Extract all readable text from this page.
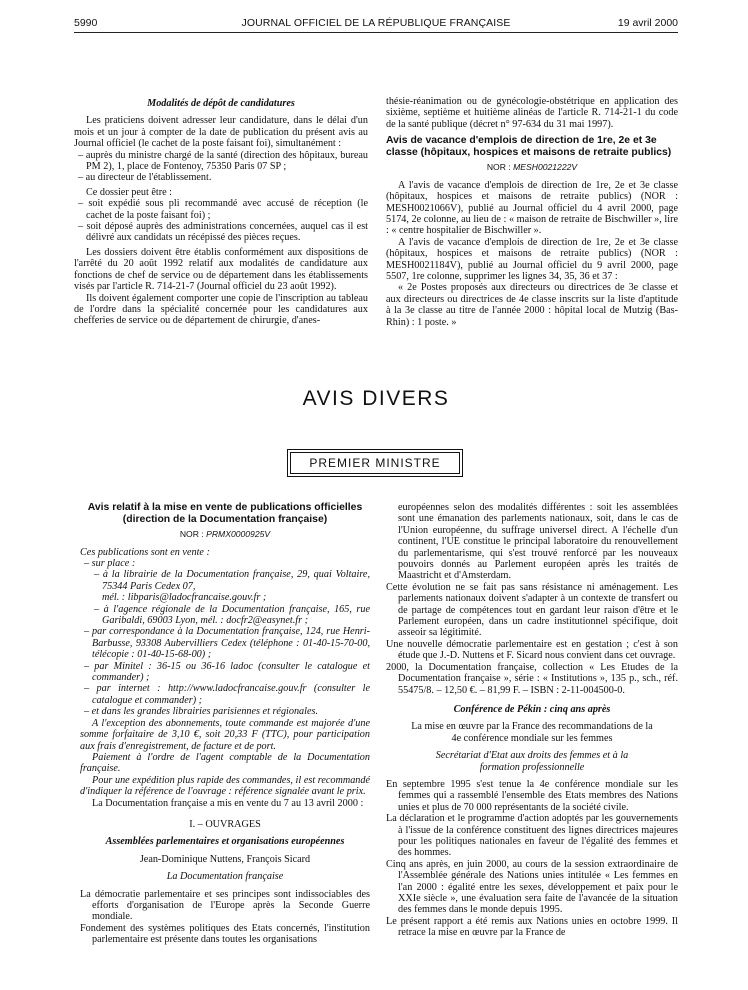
5990	JOURNAL OFFICIEL DE LA RÉPUBLIQUE FRANÇAISE	19 avril 2000

Modalités de dépôt de candidatures

Les praticiens doivent adresser leur candidature, dans le délai d'un mois et un jour à compter de la date de publication du présent avis au Journal officiel (le cachet de la poste faisant foi), simultanément :

– auprès du ministre chargé de la santé (direction des hôpitaux, bureau PM 2), 1, place de Fontenoy, 75350 Paris 07 SP ;

– au directeur de l'établissement.

Ce dossier peut être :

– soit expédié sous pli recommandé avec accusé de réception (le cachet de la poste faisant foi) ;

– soit déposé auprès des administrations concernées, auquel cas il est délivré aux candidats un récépissé des pièces reçues.

Les dossiers doivent être établis conformément aux dispositions de l'arrêté du 20 août 1992 relatif aux modalités de candidature aux fonctions de chef de service ou de département dans les établissements visés par l'article R. 714-21-7 (Journal officiel du 23 août 1992).

Ils doivent également comporter une copie de l'inscription au tableau de l'ordre dans la spécialité concernée pour les candidatures aux chefferies de service ou de département de chirurgie, d'anes-

thésie-réanimation ou de gynécologie-obstétrique en application des sixième, septième et huitième alinéas de l'article R. 714-21-1 du code de la santé publique (décret n° 97-634 du 31 mai 1997).

Avis de vacance d'emplois de direction de 1re, 2e et 3e classe (hôpitaux, hospices et maisons de retraite publics)

NOR : MESH0021222V

A l'avis de vacance d'emplois de direction de 1re, 2e et 3e classe (hôpitaux, hospices et maisons de retraite publics) (NOR : MESH0021066V), publié au Journal officiel du 4 avril 2000, page 5174, 2e colonne, au lieu de : « maison de retraite de Bischwiller », lire : « centre hospitalier de Bischwiller ».

A l'avis de vacance d'emplois de direction de 1re, 2e et 3e classe (hôpitaux, hospices et maisons de retraite publics) (NOR : MESH0021184V), publié au Journal officiel du 9 avril 2000, page 5507, 1re colonne, supprimer les lignes 34, 35, 36 et 37 :

« 2e Postes proposés aux directeurs ou directrices de 3e classe et aux directeurs ou directrices de 4e classe inscrits sur la liste d'aptitude à la 3e classe au titre de l'année 2000 : hôpital local de Mutzig (Bas-Rhin) : 1 poste. »

AVIS DIVERS
PREMIER MINISTRE

Avis relatif à la mise en vente de publications officielles (direction de la Documentation française)

NOR : PRMX0000925V

Ces publications sont en vente :

– sur place :

– à la librairie de la Documentation française, 29, quai Voltaire, 75344 Paris Cedex 07,

mél. : libparis@ladocfrancaise.gouv.fr ;

– à l'agence régionale de la Documentation française, 165, rue Garibaldi, 69003 Lyon, mél. : docfr2@easynet.fr ;

– par correspondance à la Documentation française, 124, rue Henri-Barbusse, 93308 Aubervilliers Cedex (téléphone : 01-40-15-70-00, télécopie : 01-40-15-68-00) ;

– par Minitel : 36-15 ou 36-16 ladoc (consulter le catalogue et commander) ;

– par internet : http://www.ladocfrancaise.gouv.fr (consulter le catalogue et commander) ;

– et dans les grandes librairies parisiennes et régionales.

A l'exception des abonnements, toute commande est majorée d'une somme forfaitaire de 3,10 €, soit 20,33 F (TTC), pour participation aux frais d'enregistrement, de facture et de port.

Paiement à l'ordre de l'agent comptable de la Documentation française.

Pour une expédition plus rapide des commandes, il est recommandé d'indiquer la référence de l'ouvrage : référence signalée avant le prix.

La Documentation française a mis en vente du 7 au 13 avril 2000 :

I. – OUVRAGES

Assemblées parlementaires et organisations européennes

Jean-Dominique Nuttens, François Sicard

La Documentation française

La démocratie parlementaire et ses principes sont indissociables des efforts d'organisation de l'Europe après la Seconde Guerre mondiale.

Fondement des systèmes politiques des Etats concernés, l'institution parlementaire est présente dans toutes les organisations

européennes selon des modalités différentes : soit les assemblées sont une émanation des parlements nationaux, soit, dans le cas de l'Union européenne, du suffrage universel direct. A l'échelle d'un continent, l'UE constitue le principal laboratoire du renouvellement du parlementarisme, qui s'est trouvé renforcé par les nouveaux pouvoirs donnés au Parlement européen après les traités de Maastricht et d'Amsterdam.

Cette évolution ne se fait pas sans résistance ni aménagement. Les parlements nationaux doivent s'adapter à un contexte de transfert ou de partage de compétences tout en gardant leur raison d'être et le Parlement européen, dans un cadre institutionnel spécifique, doit asseoir sa légitimité.

Une nouvelle démocratie parlementaire est en gestation ; c'est à son étude que J.-D. Nuttens et F. Sicard nous convient dans cet ouvrage.

2000, la Documentation française, collection « Les Etudes de la Documentation française », série : « Institutions », 135 p., sch., réf. 55475/8. – 12,50 €. – 81,99 F. – ISBN : 2-11-004500-0.

Conférence de Pékin : cinq ans après

La mise en œuvre par la France des recommandations de la 4e conférence mondiale sur les femmes

Secrétariat d'Etat aux droits des femmes et à la formation professionnelle

En septembre 1995 s'est tenue la 4e conférence mondiale sur les femmes qui a rassemblé l'ensemble des Etats membres des Nations unies et plus de 70 000 représentants de la société civile.

La déclaration et le programme d'action adoptés par les gouvernements à l'issue de la conférence constituent des lignes directrices majeures pour les politiques nationales en faveur de l'égalité des femmes et des hommes.

Cinq ans après, en juin 2000, au cours de la session extraordinaire de l'Assemblée générale des Nations unies intitulée « Les femmes en l'an 2000 : égalité entre les sexes, développement et paix pour le XXIe siècle », une évaluation sera faite de l'avancée de la situation des femmes dans le monde depuis 1995.

Le présent rapport a été remis aux Nations unies en octobre 1999. Il retrace la mise en œuvre par la France de
